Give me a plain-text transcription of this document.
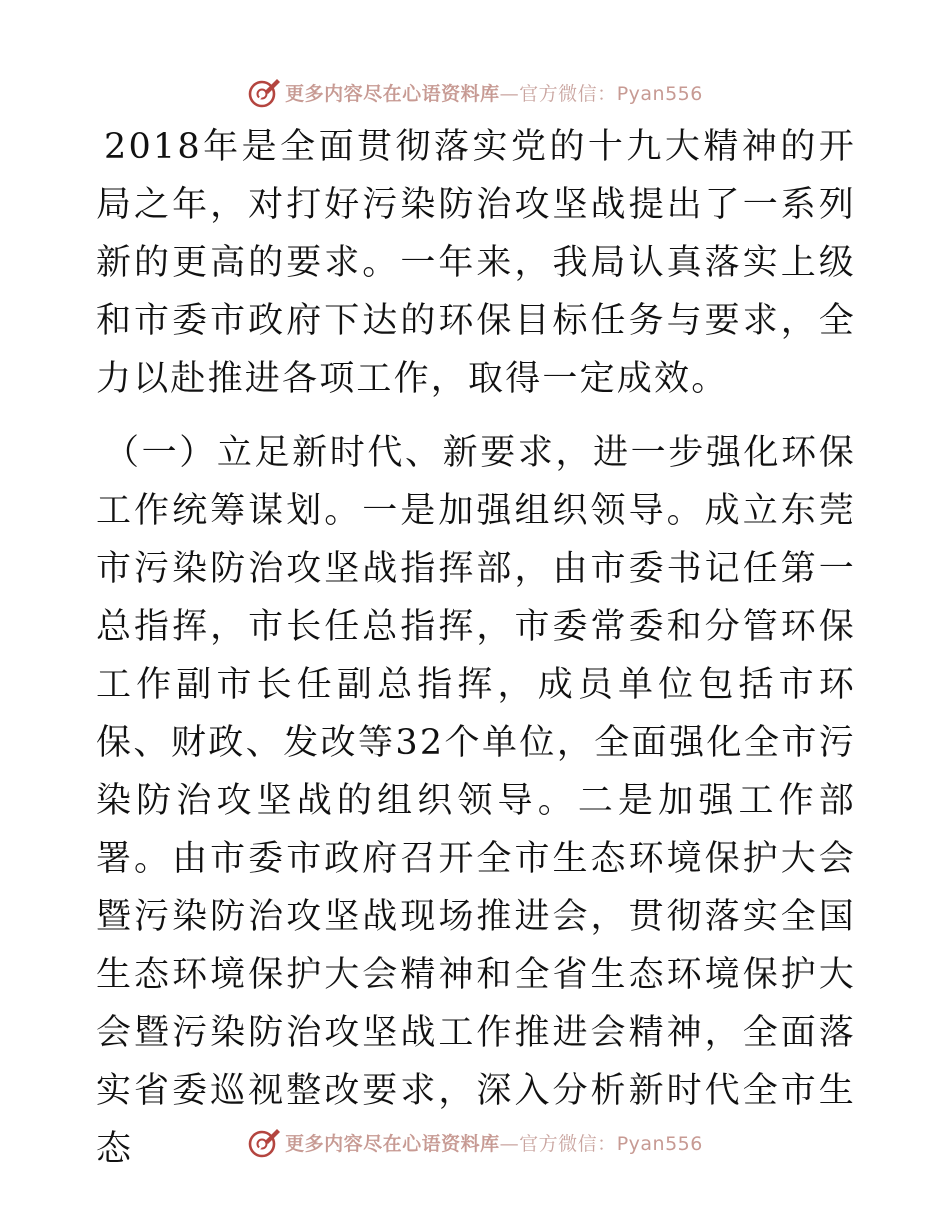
更多内容尽在心语资料库—官方微信：Pyan556

2018年是全面贯彻落实党的十九大精神的开局之年，对打好污染防治攻坚战提出了一系列新的更高的要求。一年来，我局认真落实上级和市委市政府下达的环保目标任务与要求，全力以赴推进各项工作，取得一定成效。

（一）立足新时代、新要求，进一步强化环保工作统筹谋划。一是加强组织领导。成立东莞市污染防治攻坚战指挥部，由市委书记任第一总指挥，市长任总指挥，市委常委和分管环保工作副市长任副总指挥，成员单位包括市环保、财政、发改等32个单位，全面强化全市污染防治攻坚战的组织领导。二是加强工作部署。由市委市政府召开全市生态环境保护大会暨污染防治攻坚战现场推进会，贯彻落实全国生态环境保护大会精神和全省生态环境保护大会暨污染防治攻坚战工作推进会精神，全面落实省委巡视整改要求，深入分析新时代全市生态	更多内容尽在心语资料库—官方微信：Pyan556
